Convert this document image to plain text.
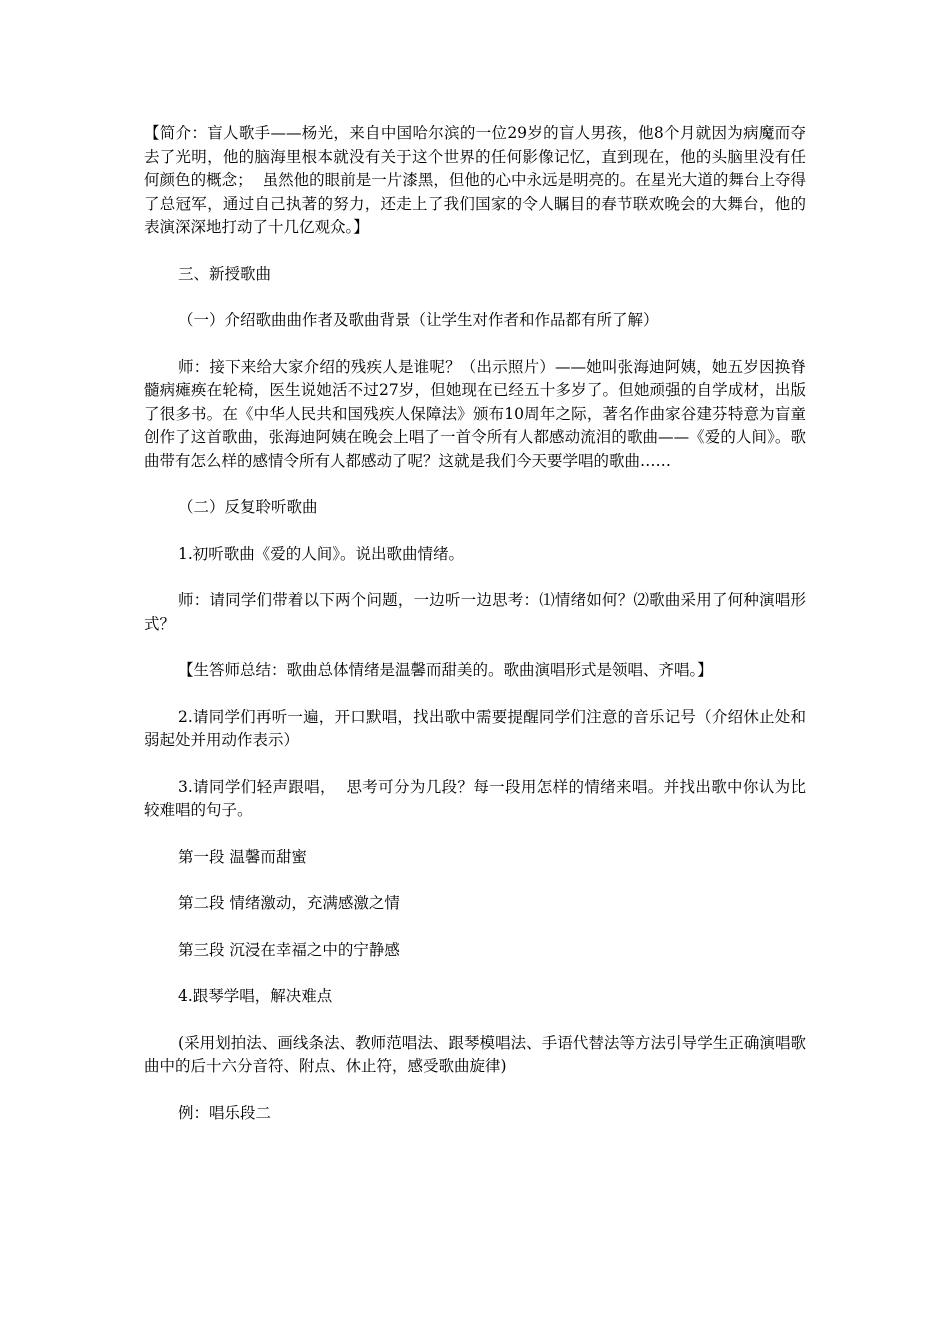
【简介：盲人歌手——杨光，来自中国哈尔滨的一位29岁的盲人男孩，他8个月就因为病魔而夺去了光明，他的脑海里根本就没有关于这个世界的任何影像记忆，直到现在，他的头脑里没有任何颜色的概念；  虽然他的眼前是一片漆黑，但他的心中永远是明亮的。在星光大道的舞台上夺得了总冠军，通过自己执著的努力，还走上了我们国家的令人瞩目的春节联欢晚会的大舞台，他的表演深深地打动了十几亿观众。】

三、新授歌曲

（一）介绍歌曲曲作者及歌曲背景（让学生对作者和作品都有所了解）

师：接下来给大家介绍的残疾人是谁呢？（出示照片）——她叫张海迪阿姨，她五岁因换脊髓病瘫痪在轮椅，医生说她活不过27岁，但她现在已经五十多岁了。但她顽强的自学成材，出版了很多书。在《中华人民共和国残疾人保障法》颁布10周年之际，著名作曲家谷建芬特意为盲童创作了这首歌曲，张海迪阿姨在晚会上唱了一首令所有人都感动流泪的歌曲——《爱的人间》。歌曲带有怎么样的感情令所有人都感动了呢？这就是我们今天要学唱的歌曲……

（二）反复聆听歌曲

1.初听歌曲《爱的人间》。说出歌曲情绪。

师：请同学们带着以下两个问题，一边听一边思考：⑴情绪如何？⑵歌曲采用了何种演唱形式？

【生答师总结：歌曲总体情绪是温馨而甜美的。歌曲演唱形式是领唱、齐唱。】

2.请同学们再听一遍，开口默唱，找出歌中需要提醒同学们注意的音乐记号（介绍休止处和弱起处并用动作表示）

3.请同学们轻声跟唱，  思考可分为几段？每一段用怎样的情绪来唱。并找出歌中你认为比较难唱的句子。

第一段 温馨而甜蜜

第二段 情绪激动，充满感激之情

第三段 沉浸在幸福之中的宁静感

4.跟琴学唱，解决难点

(采用划拍法、画线条法、教师范唱法、跟琴模唱法、手语代替法等方法引导学生正确演唱歌曲中的后十六分音符、附点、休止符，感受歌曲旋律)

例：唱乐段二
